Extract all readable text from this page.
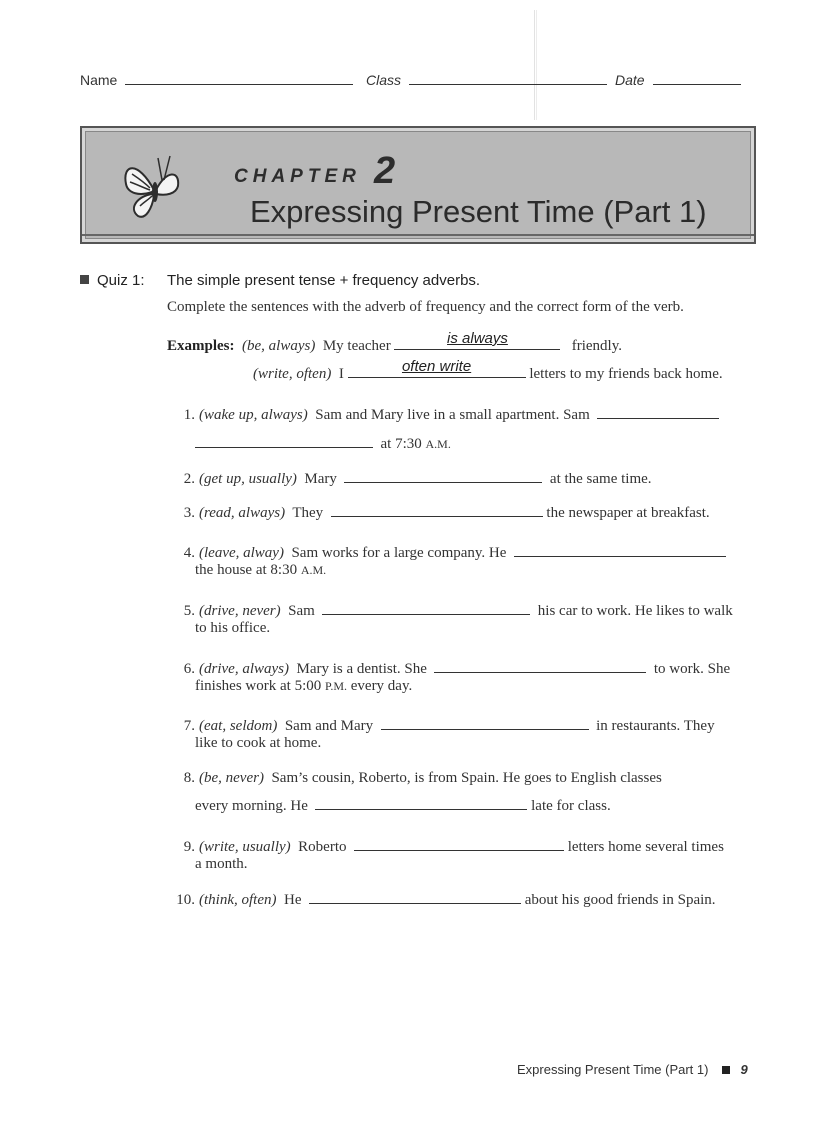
Name	Class	Date
CHAPTER 2
Expressing Present Time (Part 1)
Quiz 1: The simple present tense + frequency adverbs.
Complete the sentences with the adverb of frequency and the correct form of the verb.
Examples: (be, always) My teacher	is always	friendly.
(write, often) I	often write	letters to my friends back home.
1. (wake up, always) Sam and Mary live in a small apartment. Sam
at 7:30 A.M.
2. (get up, usually) Mary	at the same time.
3. (read, always) They	the newspaper at breakfast.
4. (leave, alway) Sam works for a large company. He
the house at 8:30 A.M.
5. (drive, never) Sam	his car to work. He likes to walk
to his office.
6. (drive, always) Mary is a dentist. She	to work. She
finishes work at 5:00 P.M. every day.
7. (eat, seldom) Sam and Mary	in restaurants. They
like to cook at home.
8. (be, never) Sam’s cousin, Roberto, is from Spain. He goes to English classes
every morning. He	late for class.
9. (write, usually) Roberto	letters home several times
a month.
10. (think, often) He	about his good friends in Spain.
Expressing Present Time (Part 1) 9
